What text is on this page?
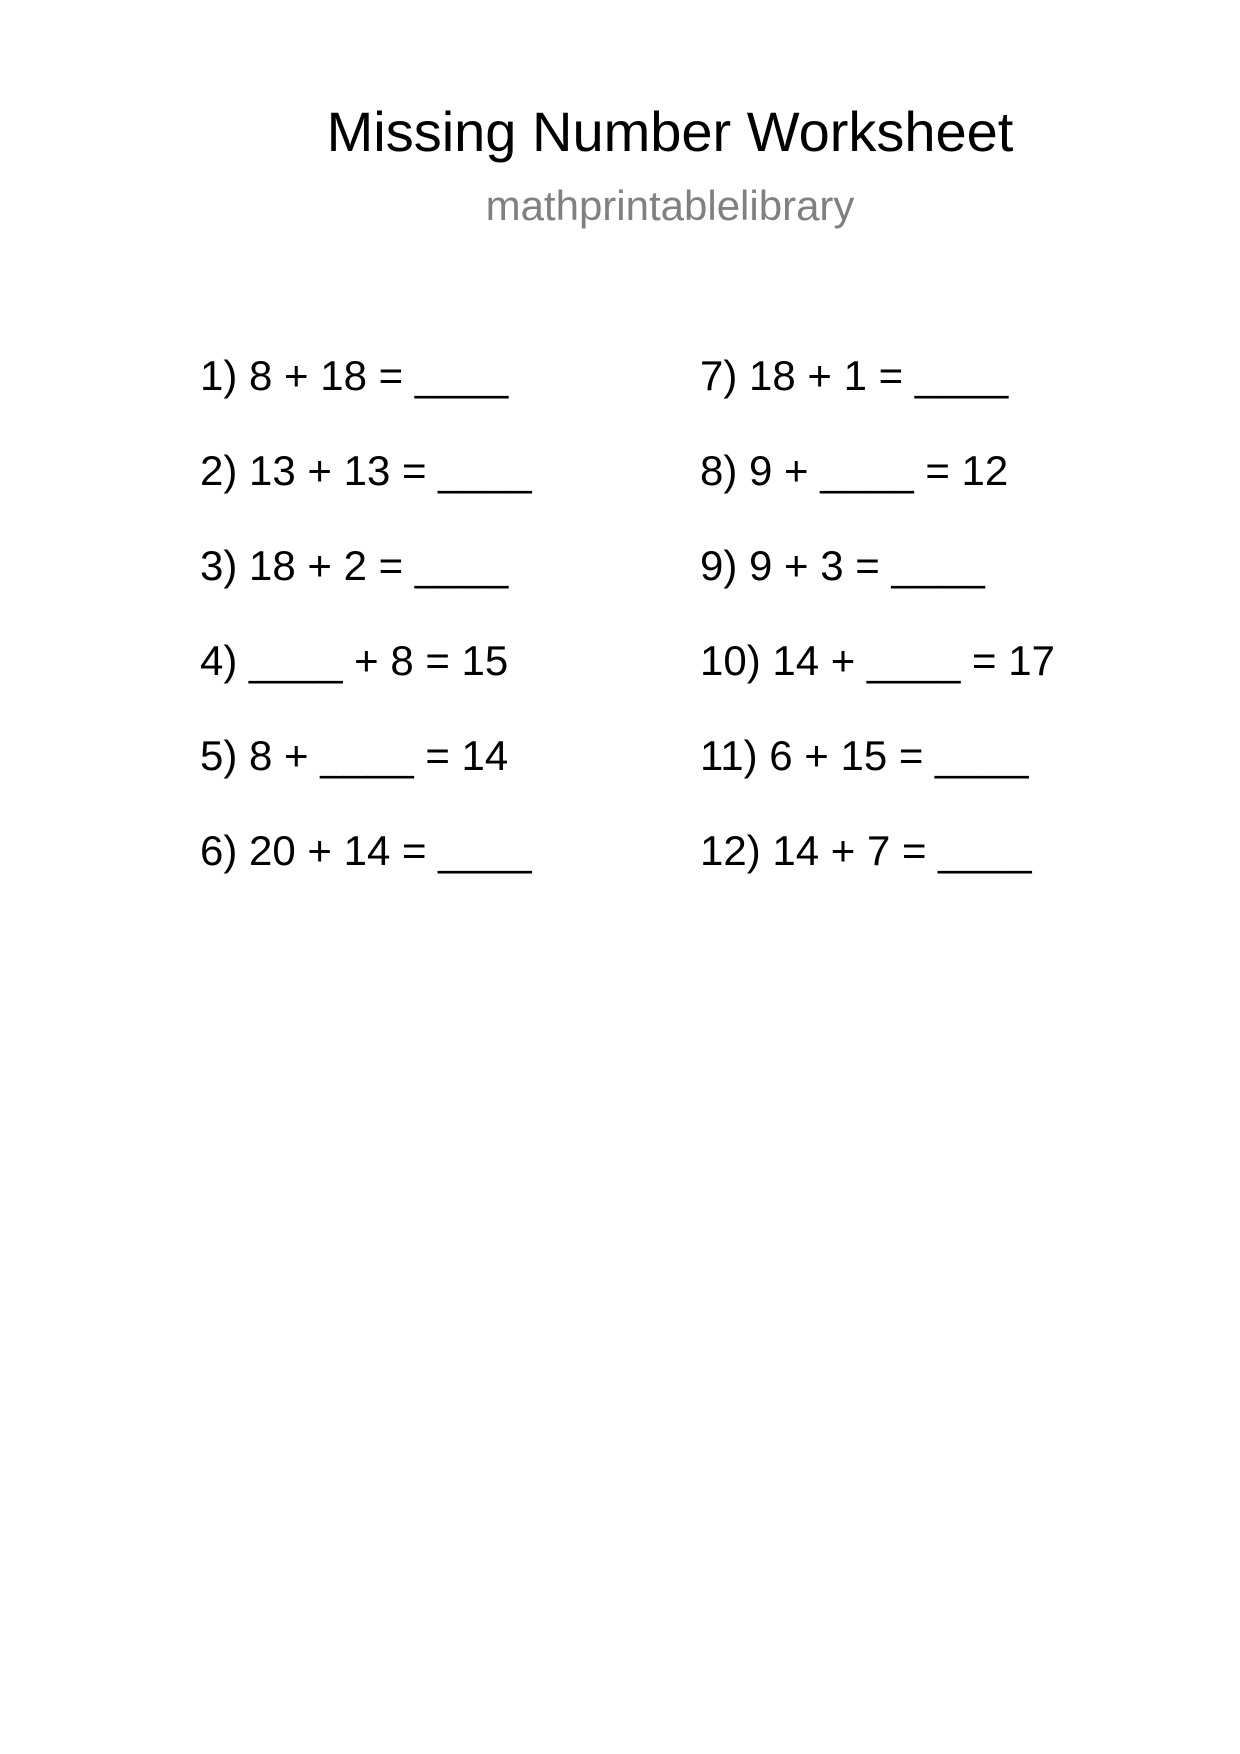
Missing Number Worksheet
mathprintablelibrary
1) 8 + 18 = ____
2) 13 + 13 = ____
3) 18 + 2 = ____
4) ____ + 8 = 15
5) 8 + ____ = 14
6) 20 + 14 = ____
7) 18 + 1 = ____
8) 9 + ____ = 12
9) 9 + 3 = ____
10) 14 + ____ = 17
11) 6 + 15 = ____
12) 14 + 7 = ____
